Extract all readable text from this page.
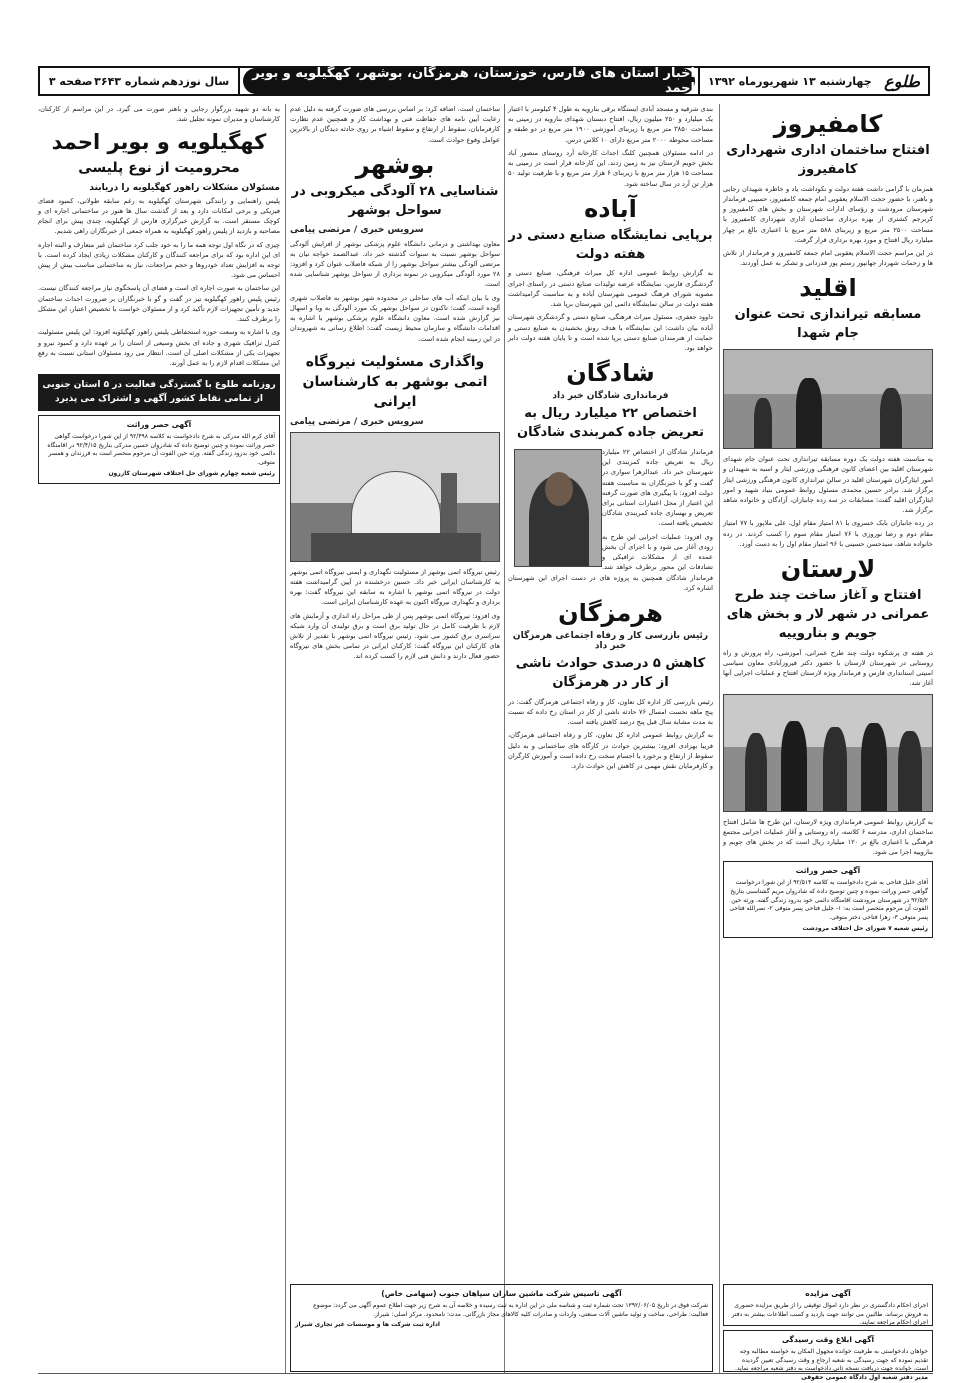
طلوع
چهارشنبه ۱۳ شهریورماه ۱۳۹۲
اخبار استان های فارس، خوزستان، هرمزگان، بوشهر، کهگیلویه و بویر احمد
سال نوزدهم
شماره ۳۶۴۳
صفحه ۳
کامفیروز
افتتاح ساختمان اداری شهرداری کامفیروز

همزمان با گرامی داشت هفته دولت و نکوداشت یاد و خاطره شهیدان رجایی و باهنر، با حضور حجت الاسلام یعقوبی امام جمعه کامفیروز، حسینی فرماندار شهرستان مرودشت و رؤسای ادارات شهرستان و بخش های کامفیروز و کربرجم کشتری از بهره برداری ساختمان اداری شهرداری کامفیروز با مساحت ۲۵۰۰ متر مربع و زیربنای ۵۸۸ متر مربع با اعتباری بالغ بر چهار میلیارد ریال افتتاح و مورد بهره برداری قرار گرفت.

در این مراسم حجت الاسلام یعقوبی امام جمعه کامفیروز و فرماندار از تلاش ها و زحمات شهردار جهانپور رستم پور قدردانی و تشکر به عمل آوردند.

اقلید
مسابقه تیراندازی تحت عنوان جام شهدا

به مناسبت هفته دولت یک دوره مسابقه تیراندازی تحت عنوان جام شهدای شهرستان اقلید بین اعضای کانون فرهنگی ورزشی ایثار و اسبه به شهیدان و امور ایثارگران شهرستان اقلید در سالن تیراندازی کانون فرهنگی ورزشی ایثار برگزار شد. برادر حسین محمدی مسئول روابط عمومی بنیاد شهید و امور ایثارگران اقلید گفت: مسابقات در سه رده جانبازان، آزادگان و خانواده شاهد برگزار شد.

در رده جانبازان بابک خسروی با ۸۱ امتیاز مقام اول، علی ملاپور با ۷۷ امتیاز مقام دوم و رضا نوروزی با ۷۶ امتیاز مقام سوم را کسب کردند. در رده خانواده شاهد، سیدحسن حسینی با ۹۶ امتیاز مقام اول را به دست آورد.

لارستان
افتتاح و آغاز ساخت چند طرح عمرانی در شهر لار و بخش های جویم و بناروییه

در هفته ی پرشکوه دولت چند طرح عمرانی، آموزشی، راه پرورش و راه روستایی در شهرستان لارستان با حضور دکتر فیروزآبادی معاون سیاسی امنیتی استانداری فارس و فرماندار ویژه لارستان افتتاح و عملیات اجرایی آنها آغاز شد.

به گزارش روابط عمومی فرمانداری ویژه لارستان، این طرح ها شامل افتتاح ساختمان اداری، مدرسه ۶ کلاسه، راه روستایی و آغاز عملیات اجرایی مجتمع فرهنگی با اعتباری بالغ بر ۱۲۰ میلیارد ریال است که در بخش های جویم و بناروییه اجرا می شود.

آگهی حصر وراثت
آقای خلیل فتاحی به شرح دادخواست به کلاسه ۹۲/۵۱۴ از این شورا درخواست گواهی حصر وراثت نموده و چنین توضیح داده که شادروان مریم گشتاسبی بتاریخ ۹۲/۵/۲ در شهرستان مرودشت اقامتگاه دائمی خود بدرود زندگی گفته. ورثه حین الفوت آن مرحوم منحصر است به: ۱- خلیل فتاحی پسر متوفی ۲- نصرالله فتاحی پسر متوفی ۳- زهرا فتاحی دختر متوفی.
رئیس شعبه ۷ شورای حل اختلاف مرودشت

بندی شرقیه و مسجد آبادی ایستگاه برقی بنارویه به طول ۴ کیلومتر با اعتبار یک میلیارد و ۲۵۰ میلیون ریال، افتتاح دبستان شهدای بنارویه در زمینی به مساحت ۳۸۵۰ متر مربع با زیربنای آموزشی ۱۹۰۰ متر مربع در دو طبقه و مساحت محوطه ۲۰۰۰ متر مربع دارای ۱۰ کلاس درس.

در ادامه مسئولان همچنین کلنگ احداث کارخانه آرد روستای منصور آباد بخش جویم لارستان نیز به زمین زدند. این کارخانه قرار است در زمینی به مساحت ۱۵ هزار متر مربع با زیربنای ۶ هزار متر مربع و با ظرفیت تولید ۵۰ هزار تن آرد در سال ساخته شود.

آباده
برپایی نمایشگاه صنایع دستی در هفته دولت

به گزارش روابط عمومی اداره کل میراث فرهنگی، صنایع دستی و گردشگری فارس، نمایشگاه عرضه تولیدات صنایع دستی در راستای اجرای مصوبه شورای فرهنگ عمومی شهرستان آباده و به مناسبت گرامیداشت هفته دولت در سالن نمایشگاه دائمی این شهرستان برپا شد.

داوود جعفری، مسئول میراث فرهنگی، صنایع دستی و گردشگری شهرستان آباده بیان داشت: این نمایشگاه با هدف رونق بخشیدن به صنایع دستی و حمایت از هنرمندان صنایع دستی برپا شده است و تا پایان هفته دولت دایر خواهد بود.

شادگان
فرمانداری شادگان خبر داد
اختصاص ۲۲ میلیارد ریال به تعریض جاده کمربندی شادگان

فرماندار شادگان از اختصاص ۲۲ میلیارد ریال به تعریض جاده کمربندی این شهرستان خبر داد. عبدالزهرا سواری در گفت و گو با خبرنگاران به مناسبت هفته دولت افزود: با پیگیری های صورت گرفته این اعتبار از محل اعتبارات استانی برای تعریض و بهسازی جاده کمربندی شادگان تخصیص یافته است.

وی افزود: عملیات اجرایی این طرح به زودی آغاز می شود و با اجرای آن بخش عمده ای از مشکلات ترافیکی و تصادفات این محور برطرف خواهد شد. فرماندار شادگان همچنین به پروژه های در دست اجرای این شهرستان اشاره کرد.

هرمزگان
رئیس بازرسی کار و رفاه اجتماعی هرمزگان خبر داد
کاهش ۵ درصدی حوادث ناشی از کار در هرمزگان

رئیس بازرسی کار اداره کل تعاون، کار و رفاه اجتماعی هرمزگان گفت: در پنج ماهه نخست امسال ۷۶ حادثه ناشی از کار در استان رخ داده که نسبت به مدت مشابه سال قبل پنج درصد کاهش یافته است.

به گزارش روابط عمومی اداره کل تعاون، کار و رفاه اجتماعی هرمزگان، فریبا بهزادی افزود: بیشترین حوادث در کارگاه های ساختمانی و به دلیل سقوط از ارتفاع و برخورد با اجسام سخت رخ داده است و آموزش کارگران و کارفرمایان نقش مهمی در کاهش این حوادث دارد.

ساختمان است. اضافه کرد: بر اساس بررسی های صورت گرفته به دلیل عدم رعایت آیین نامه های حفاظت فنی و بهداشت کار و همچنین عدم نظارت کارفرمایان، سقوط از ارتفاع و سقوط اشیاء بر روی حادثه دیدگان از بالاترین عوامل وقوع حوادث است.

بوشهر
شناسایی ۲۸ آلودگی میکروبی در سواحل بوشهر
سرویس خبری / مرتضی پیامی

معاون بهداشتی و درمانی دانشگاه علوم پزشکی بوشهر از افزایش آلودگی سواحل بوشهر نسبت به سنوات گذشته خبر داد. عبدالصمد خواجه نیان به مرتضی آلودگی بیشتر سواحل بوشهر را از شبکه فاضلاب عنوان کرد و افزود: ۲۸ مورد آلودگی میکروبی در نمونه برداری از سواحل بوشهر شناسایی شده است.

وی با بیان اینکه آب های ساحلی در محدوده شهر بوشهر به فاضلاب شهری آلوده است، گفت: تاکنون در سواحل بوشهر یک مورد آلودگی به وبا و اسهال نیز گزارش شده است. معاون دانشگاه علوم پزشکی بوشهر با اشاره به اقدامات دانشگاه و سازمان محیط زیست گفت: اطلاع رسانی به شهروندان در این زمینه انجام شده است.

واگذاری مسئولیت نیروگاه اتمی بوشهر به کارشناسان ایرانی
سرویس خبری / مرتضی پیامی

رئیس نیروگاه اتمی بوشهر از مسئولیت نگهداری و ایمنی نیروگاه اتمی بوشهر به کارشناسان ایرانی خبر داد. حسین درخشنده در آیین گرامیداشت هفته دولت در نیروگاه اتمی بوشهر با اشاره به سابقه این نیروگاه گفت: بهره برداری و نگهداری نیروگاه اکنون به عهده کارشناسان ایرانی است.

وی افزود: نیروگاه اتمی بوشهر پس از طی مراحل راه اندازی و آزمایش های لازم با ظرفیت کامل در حال تولید برق است و برق تولیدی آن وارد شبکه سراسری برق کشور می شود. رئیس نیروگاه اتمی بوشهر با تقدیر از تلاش های کارکنان این نیروگاه گفت: کارکنان ایرانی در تمامی بخش های نیروگاه حضور فعال دارند و دانش فنی لازم را کسب کرده اند.

به بانه دو شهید بزرگوار رجایی و باهنر صورت می گیرد. در این مراسم از کارکنان، کارشناسان و مدیران نمونه تجلیل شد.

کهگیلویه و بویر احمد
محرومیت از نوع پلیسی
مسئولان مشکلات راهور کهگیلویه را دریابند

پلیس راهنمایی و رانندگی شهرستان کهگیلویه به رغم سابقه طولانی، کمبود فضای فیزیکی و برخی امکانات دارد و بعد از گذشت سال ها هنوز در ساختمانی اجاره ای و کوچک مستقر است. به گزارش خبرگزاری فارس از کهگیلویه، چندی پیش برای انجام مصاحبه و بازدید از پلیس راهور کهگیلویه به همراه جمعی از خبرنگاران راهی شدیم.

چیزی که در نگاه اول توجه همه ما را به خود جلب کرد ساختمان غیر متعارف و البته اجاره ای این اداره بود که برای مراجعه کنندگان و کارکنان مشکلات زیادی ایجاد کرده است. با توجه به افزایش تعداد خودروها و حجم مراجعات، نیاز به ساختمانی مناسب بیش از پیش احساس می شود.

این ساختمان به صورت اجاره ای است و فضای آن پاسخگوی نیاز مراجعه کنندگان نیست. رئیس پلیس راهور کهگیلویه نیز در گفت و گو با خبرنگاران بر ضرورت احداث ساختمان جدید و تأمین تجهیزات لازم تأکید کرد و از مسئولان خواست با تخصیص اعتبار، این مشکل را برطرف کنند.

وی با اشاره به وسعت حوزه استحفاظی پلیس راهور کهگیلویه افزود: این پلیس مسئولیت کنترل ترافیک شهری و جاده ای بخش وسیعی از استان را بر عهده دارد و کمبود نیرو و تجهیزات یکی از مشکلات اصلی آن است. انتظار می رود مسئولان استانی نسبت به رفع این مشکلات اقدام لازم را به عمل آورند.

روزنامه طلوع با گستردگی فعالیت در ۵ استان جنوبی از تمامی نقاط کشور آگهی و اشتراک می پذیرد
آگهی حصر وراثت
آقای کرم الله مدرکی به شرح دادخواست به کلاسه ۹۲/۴۹۸ از این شورا درخواست گواهی حصر وراثت نموده و چنین توضیح داده که شادروان حسین مدرکی بتاریخ ۹۲/۴/۱۵ در اقامتگاه دائمی خود بدرود زندگی گفته. ورثه حین الفوت آن مرحوم منحصر است به فرزندان و همسر متوفی.
رئیس شعبه چهارم شورای حل اختلاف شهرستان کازرون
آگهی تاسیس شرکت ماشین سازان سپاهان جنوب (سهامی خاص)
شرکت فوق در تاریخ ۱۳۹۲/۰۶/۰۵ تحت شماره ثبت و شناسه ملی در این اداره به ثبت رسیده و خلاصه آن به شرح زیر جهت اطلاع عموم آگهی می گردد: موضوع فعالیت: طراحی، ساخت و تولید ماشین آلات صنعتی، واردات و صادرات کلیه کالاهای مجاز بازرگانی. مدت: نامحدود. مرکز اصلی: شیراز.
اداره ثبت شرکت ها و موسسات غیر تجاری شیراز
آگهی مزایده
اجرای احکام دادگستری در نظر دارد اموال توقیفی را از طریق مزایده حضوری به فروش برساند. طالبین می توانند جهت بازدید و کسب اطلاعات بیشتر به دفتر اجرای احکام مراجعه نمایند.
آگهی ابلاغ وقت رسیدگی
خواهان دادخواستی به طرفیت خوانده مجهول المکان به خواسته مطالبه وجه تقدیم نموده که جهت رسیدگی به شعبه ارجاع و وقت رسیدگی تعیین گردیده است. خوانده جهت دریافت نسخه ثانی دادخواست به دفتر شعبه مراجعه نماید.
مدیر دفتر شعبه اول دادگاه عمومی حقوقی
